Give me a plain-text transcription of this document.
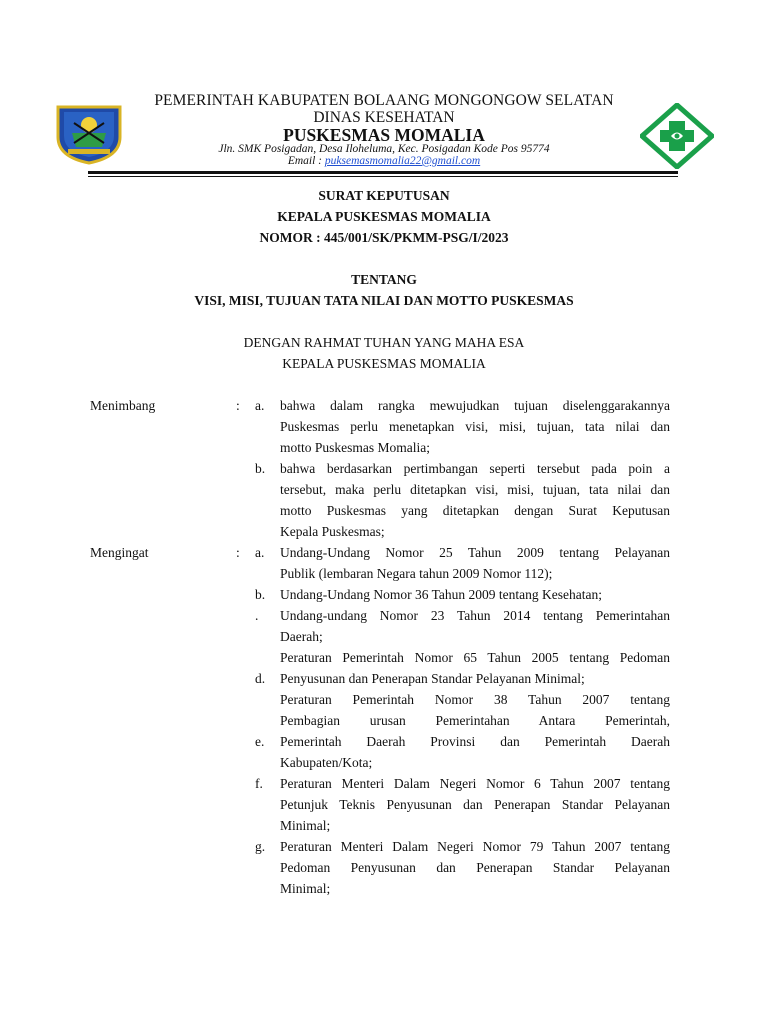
PEMERINTAH KABUPATEN BOLAANG MONGONGOW SELATAN
DINAS KESEHATAN
PUSKESMAS MOMALIA
Jln. SMK Posigadan, Desa Iloheluma, Kec. Posigadan Kode Pos 95774
Email : puksemasmomalia22@gmail.com
SURAT KEPUTUSAN
KEPALA PUSKESMAS MOMALIA
NOMOR : 445/001/SK/PKMM-PSG/I/2023
TENTANG
VISI, MISI, TUJUAN TATA NILAI DAN MOTTO PUSKESMAS
DENGAN RAHMAT TUHAN YANG MAHA ESA
KEPALA PUSKESMAS MOMALIA
Menimbang	: a. bahwa dalam rangka mewujudkan tujuan diselenggarakannya
Puskesmas perlu menetapkan visi, misi, tujuan, tata nilai dan
motto Puskesmas Momalia;
b. bahwa berdasarkan pertimbangan seperti tersebut pada poin a
tersebut, maka perlu ditetapkan visi, misi, tujuan, tata nilai dan
motto Puskesmas yang ditetapkan dengan Surat Keputusan
Kepala Puskesmas;
Mengingat	: a. Undang-Undang Nomor 25 Tahun 2009 tentang Pelayanan
Publik (lembaran Negara tahun 2009 Nomor 112);
b. Undang-Undang Nomor 36 Tahun 2009 tentang Kesehatan;
. Undang-undang Nomor 23 Tahun 2014 tentang Pemerintahan
Daerah;
Peraturan Pemerintah Nomor 65 Tahun 2005 tentang Pedoman
d. Penyusunan dan Penerapan Standar Pelayanan Minimal;
Peraturan Pemerintah Nomor 38 Tahun 2007 tentang
Pembagian urusan Pemerintahan Antara Pemerintah,
e. Pemerintah Daerah Provinsi dan Pemerintah Daerah
Kabupaten/Kota;
f. Peraturan Menteri Dalam Negeri Nomor 6 Tahun 2007 tentang
Petunjuk Teknis Penyusunan dan Penerapan Standar Pelayanan
Minimal;
g. Peraturan Menteri Dalam Negeri Nomor 79 Tahun 2007 tentang
Pedoman Penyusunan dan Penerapan Standar Pelayanan
Minimal;
